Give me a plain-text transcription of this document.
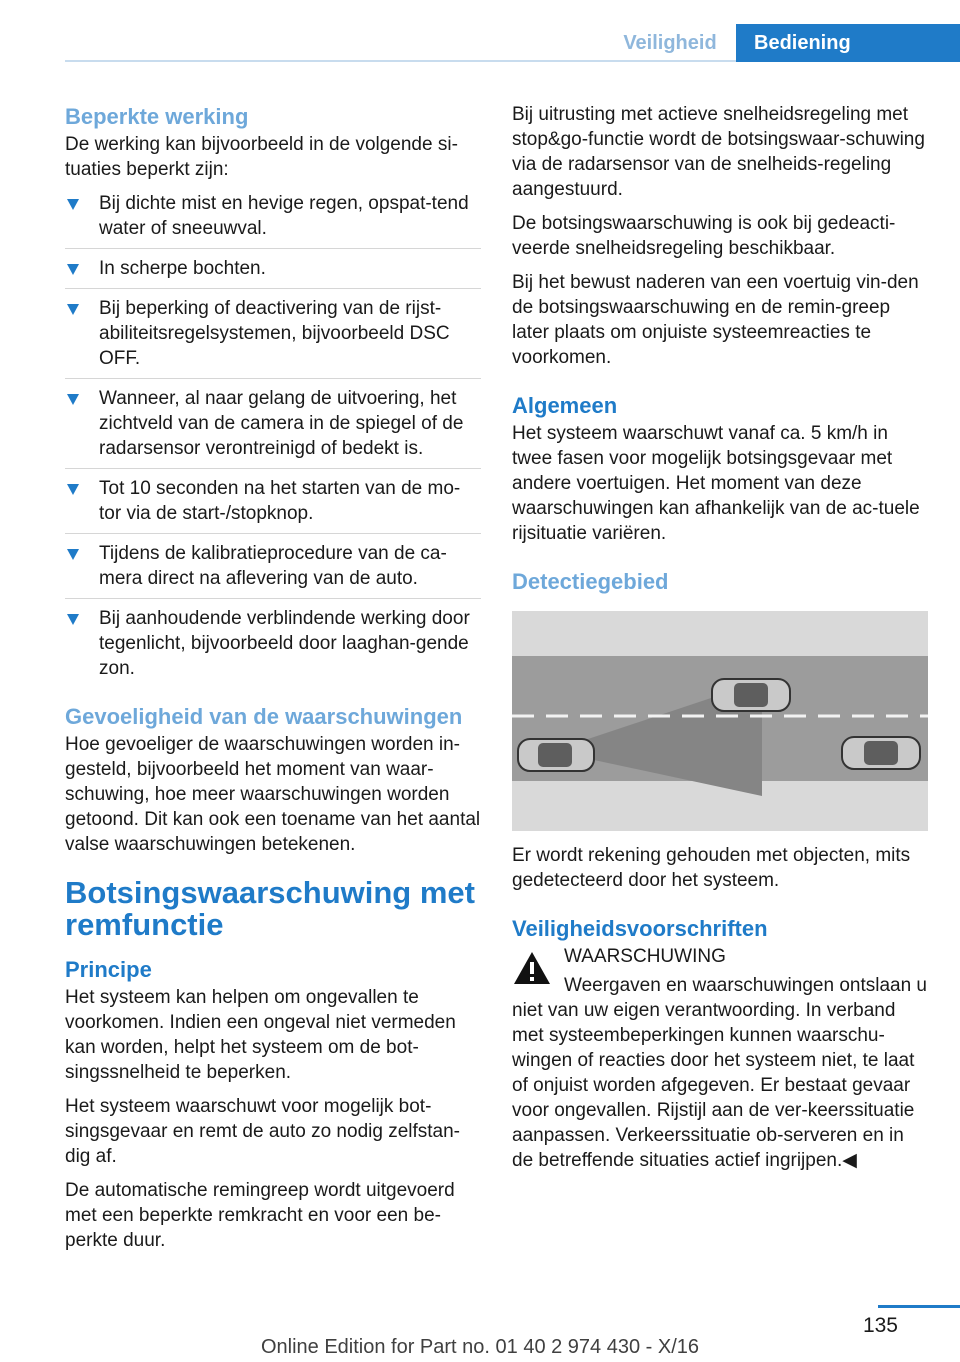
Veiligheid	Bediening
Beperkte werking

De werking kan bijvoorbeeld in de volgende si-tuaties beperkt zijn:

Bij dichte mist en hevige regen, opspat-tend water of sneeuwval.
In scherpe bochten.
Bij beperking of deactivering van de rijst-abiliteitsregelsystemen, bijvoorbeeld DSC OFF.
Wanneer, al naar gelang de uitvoering, het zichtveld van de camera in de spiegel of de radarsensor verontreinigd of bedekt is.
Tot 10 seconden na het starten van de mo-tor via de start-/stopknop.
Tijdens de kalibratieprocedure van de ca-mera direct na aflevering van de auto.
Bij aanhoudende verblindende werking door tegenlicht, bijvoorbeeld door laaghan-gende zon.
Gevoeligheid van de waarschuwingen

Hoe gevoeliger de waarschuwingen worden in-gesteld, bijvoorbeeld het moment van waar-schuwing, hoe meer waarschuwingen worden getoond. Dit kan ook een toename van het aantal valse waarschuwingen betekenen.

Botsingswaarschuwing met remfunctie
Principe

Het systeem kan helpen om ongevallen te voorkomen. Indien een ongeval niet vermeden kan worden, helpt het systeem om de bot-singssnelheid te beperken.

Het systeem waarschuwt voor mogelijk bot-singsgevaar en remt de auto zo nodig zelfstan-dig af.

De automatische remingreep wordt uitgevoerd met een beperkte remkracht en voor een be-perkte duur.

Bij uitrusting met actieve snelheidsregeling met stop&go-functie wordt de botsingswaar-schuwing via de radarsensor van de snelheids-regeling aangestuurd.

De botsingswaarschuwing is ook bij gedeacti-veerde snelheidsregeling beschikbaar.

Bij het bewust naderen van een voertuig vin-den de botsingswaarschuwing en de remin-greep later plaats om onjuiste systeemreacties te voorkomen.

Algemeen

Het systeem waarschuwt vanaf ca. 5 km/h in twee fasen voor mogelijk botsingsgevaar met andere voertuigen. Het moment van deze waarschuwingen kan afhankelijk van de ac-tuele rijsituatie variëren.

Detectiegebied

Er wordt rekening gehouden met objecten, mits gedetecteerd door het systeem.

Veiligheidsvoorschriften

WAARSCHUWING

Weergaven en waarschuwingen ontslaan u niet van uw eigen verantwoording. In verband met systeembeperkingen kunnen waarschu-wingen of reacties door het systeem niet, te laat of onjuist worden afgegeven. Er bestaat gevaar voor ongevallen. Rijstijl aan de ver-keerssituatie aanpassen. Verkeerssituatie ob-serveren en in de betreffende situaties actief ingrijpen.◀

135
Online Edition for Part no. 01 40 2 974 430 - X/16
